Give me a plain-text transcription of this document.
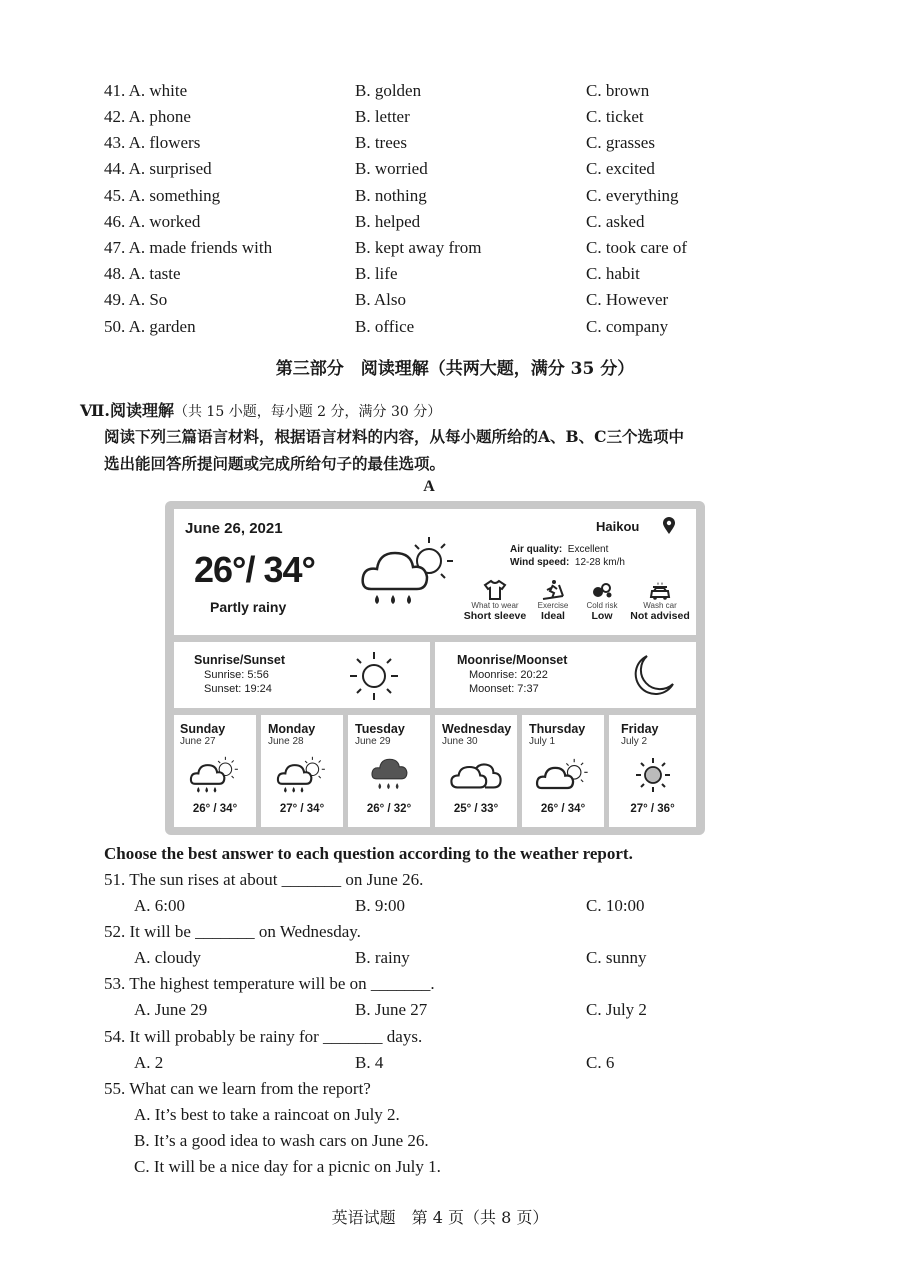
41. A. white	B. golden	C. brown
42. A. phone	B. letter	C. ticket
43. A. flowers	B. trees	C. grasses
44. A. surprised	B. worried	C. excited
45. A. something	B. nothing	C. everything
46. A. worked	B. helped	C. asked
47. A. made friends with	B. kept away from	C. took care of
48. A. taste	B. life	C. habit
49. A. So	B. Also	C. However
50. A. garden	B. office	C. company
第三部分　阅读理解（共两大题，满分 35 分）
Ⅶ.阅读理解（共 15 小题，每小题 2 分，满分 30 分）
阅读下列三篇语言材料，根据语言材料的内容，从每小题所给的A、B、C三个选项中
选出能回答所提问题或完成所给句子的最佳选项。
A
June 26, 2021
26°/ 34°
Partly rainy
Haikou
Air quality: Excellent
Wind speed: 12-28 km/h
What to wear
Short sleeve
Exercise
Ideal
Cold risk
Low
Wash car
Not advised
Sunrise/Sunset
Sunrise: 5:56
Sunset: 19:24
Moonrise/Moonset
Moonrise: 20:22
Moonset: 7:37
Sunday
June 27
26° / 34°
Monday
June 28
27° / 34°
Tuesday
June 29
26° / 32°
Wednesday
June 30
25° / 33°
Thursday
July 1
26° / 34°
Friday
July 2
27° / 36°
Choose the best answer to each question according to the weather report.
51. The sun rises at about _______ on June 26.
A. 6:00	B. 9:00	C. 10:00
52. It will be _______ on Wednesday.
A. cloudy	B. rainy	C. sunny
53. The highest temperature will be on _______.
A. June 29	B. June 27	C. July 2
54. It will probably be rainy for _______ days.
A. 2	B. 4	C. 6
55. What can we learn from the report?
A. It’s best to take a raincoat on July 2.
B. It’s a good idea to wash cars on June 26.
C. It will be a nice day for a picnic on July 1.
英语试题　第 4 页（共 8 页）
